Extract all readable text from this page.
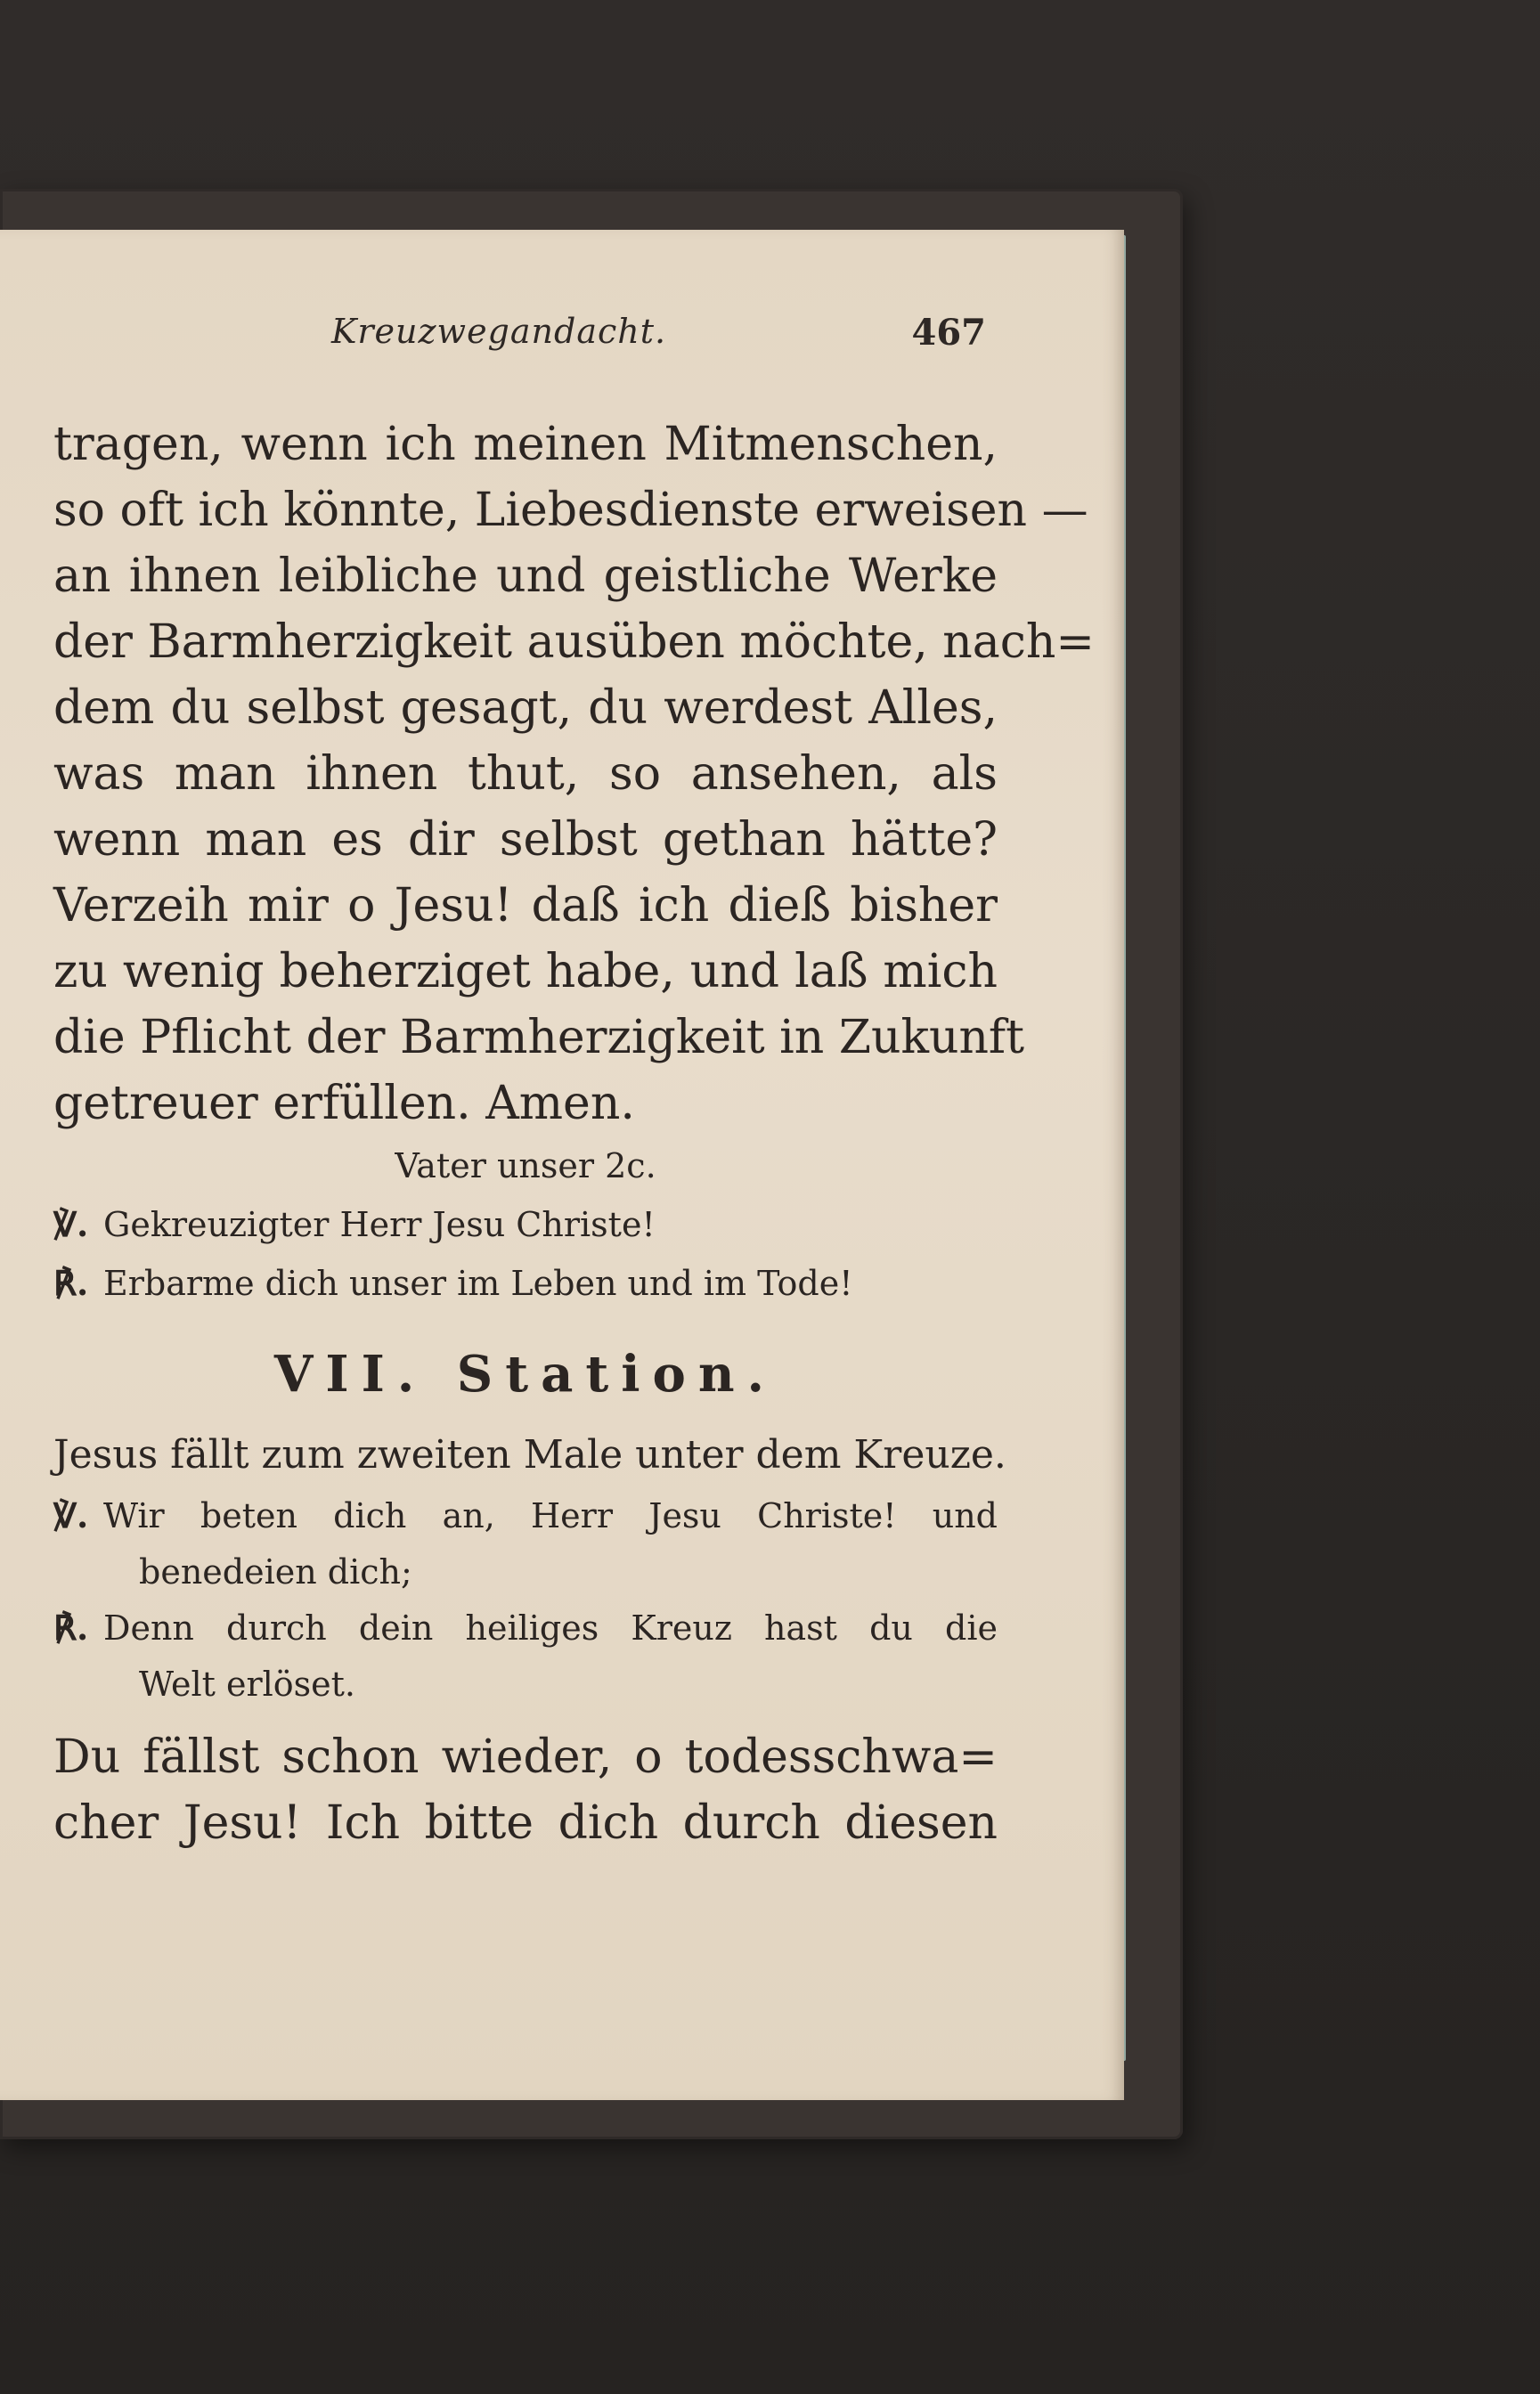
Kreuzwegandacht.	467
tragen, wenn ich meinen Mitmenschen,
so oft ich könnte, Liebesdienste erweisen —
an ihnen leibliche und geistliche Werke
der Barmherzigkeit ausüben möchte, nach=
dem du selbst gesagt, du werdest Alles,
was man ihnen thut, so ansehen, als
wenn man es dir selbst gethan hätte?
Verzeih mir o Jesu! daß ich dieß bisher
zu wenig beherziget habe, und laß mich
die Pflicht der Barmherzigkeit in Zukunft
getreuer erfüllen. Amen.
Vater unser 2c.
℣. Gekreuzigter Herr Jesu Christe!
℟. Erbarme dich unser im Leben und im Tode!
VII. Station.
Jesus fällt zum zweiten Male unter dem Kreuze.
℣. Wir beten dich an, Herr Jesu Christe! und
benedeien dich;
℟. Denn durch dein heiliges Kreuz hast du die
Welt erlöset.
Du fällst schon wieder, o todesschwa=
cher Jesu! Ich bitte dich durch diesen
